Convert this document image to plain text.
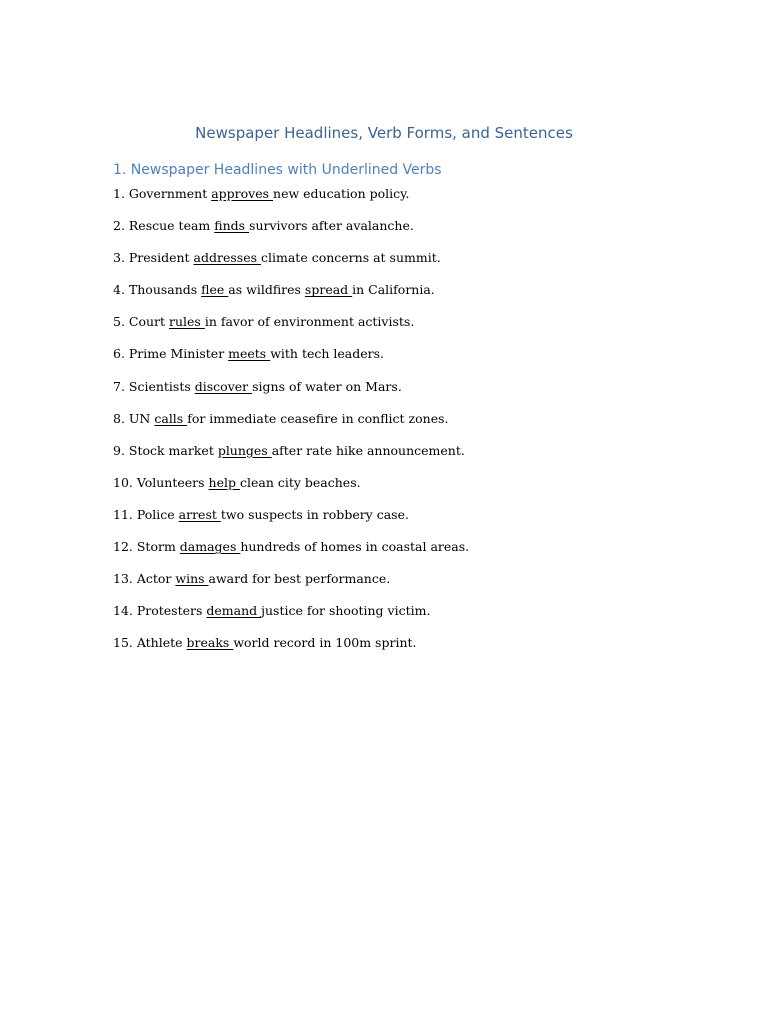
Newspaper Headlines, Verb Forms, and Sentences
1. Newspaper Headlines with Underlined Verbs

1. Government approves new education policy.

2. Rescue team finds survivors after avalanche.

3. President addresses climate concerns at summit.

4. Thousands flee as wildfires spread in California.

5. Court rules in favor of environment activists.

6. Prime Minister meets with tech leaders.

7. Scientists discover signs of water on Mars.

8. UN calls for immediate ceasefire in conflict zones.

9. Stock market plunges after rate hike announcement.

10. Volunteers help clean city beaches.

11. Police arrest two suspects in robbery case.

12. Storm damages hundreds of homes in coastal areas.

13. Actor wins award for best performance.

14. Protesters demand justice for shooting victim.

15. Athlete breaks world record in 100m sprint.
